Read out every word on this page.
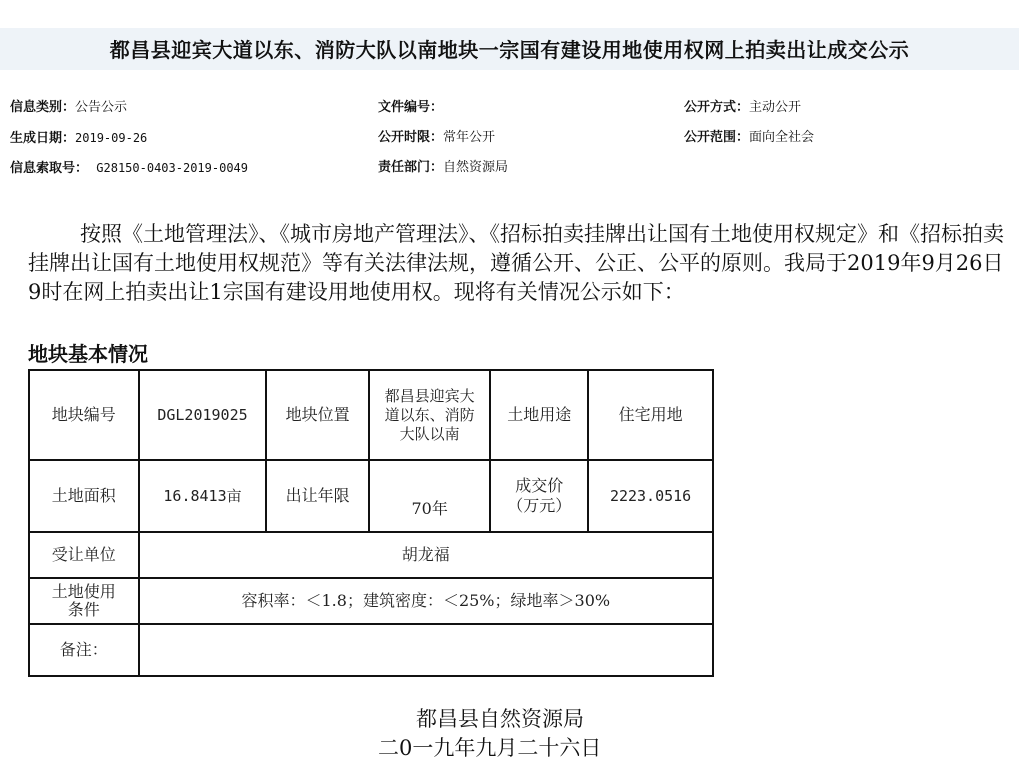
都昌县迎宾大道以东、消防大队以南地块一宗国有建设用地使用权网上拍卖出让成交公示
信息类别：公告公示	文件编号：	公开方式：主动公开
生成日期：2019-09-26	公开时限：常年公开	公开范围：面向全社会
信息索取号： G28150-0403-2019-0049	责任部门：自然资源局
按照《土地管理法》、《城市房地产管理法》、《招标拍卖挂牌出让国有土地使用权规定》和《招标拍卖挂牌出让国有土地使用权规范》等有关法律法规，遵循公开、公正、公平的原则。我局于2019年9月26日9时在网上拍卖出让1宗国有建设用地使用权。现将有关情况公示如下：
地块基本情况
地块编号	DGL2019025	地块位置	都昌县迎宾大道以东、消防大队以南	土地用途	住宅用地
土地面积	16.8413亩	出让年限	70年	成交价（万元）	2223.0516
受让单位	胡龙福				
土地使用条件	容积率：＜1.8；建筑密度：＜25%；绿地率＞30%				
备注：					
都昌县自然资源局
二0一九年九月二十六日
